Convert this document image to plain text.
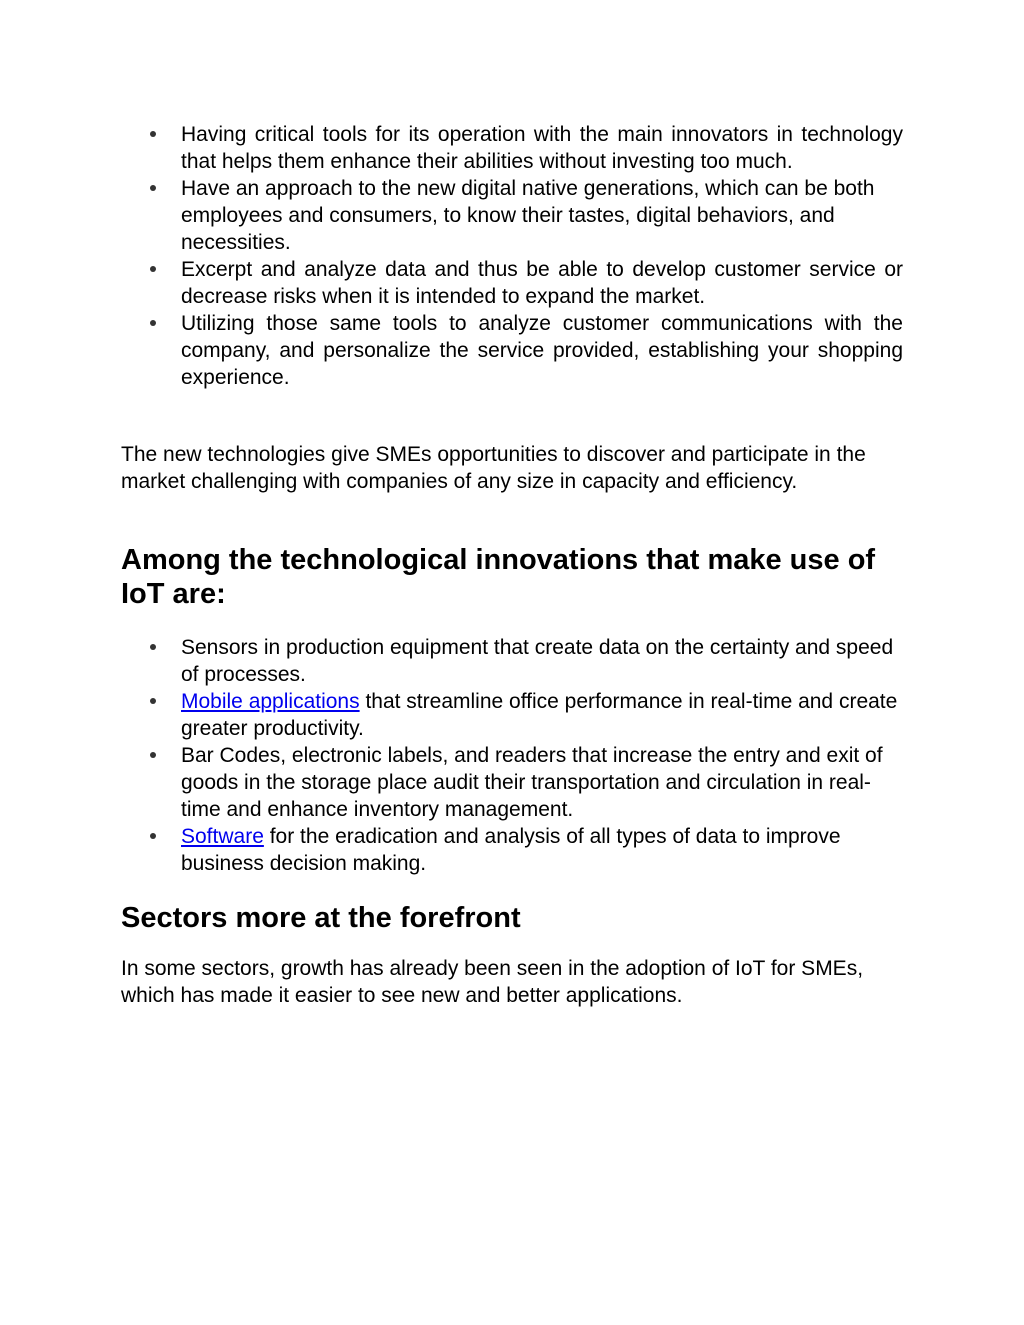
Having critical tools for its operation with the main innovators in technology that helps them enhance their abilities without investing too much.
Have an approach to the new digital native generations, which can be both employees and consumers, to know their tastes, digital behaviors, and necessities.
Excerpt and analyze data and thus be able to develop customer service or decrease risks when it is intended to expand the market.
Utilizing those same tools to analyze customer communications with the company, and personalize the service provided, establishing your shopping experience.

The new technologies give SMEs opportunities to discover and participate in the market challenging with companies of any size in capacity and efficiency.

Among the technological innovations that make use of IoT are:
Sensors in production equipment that create data on the certainty and speed of processes.
Mobile applications that streamline office performance in real-time and create greater productivity.
Bar Codes, electronic labels, and readers that increase the entry and exit of goods in the storage place audit their transportation and circulation in real-time and enhance inventory management.
Software for the eradication and analysis of all types of data to improve business decision making.
Sectors more at the forefront

In some sectors, growth has already been seen in the adoption of IoT for SMEs, which has made it easier to see new and better applications.
